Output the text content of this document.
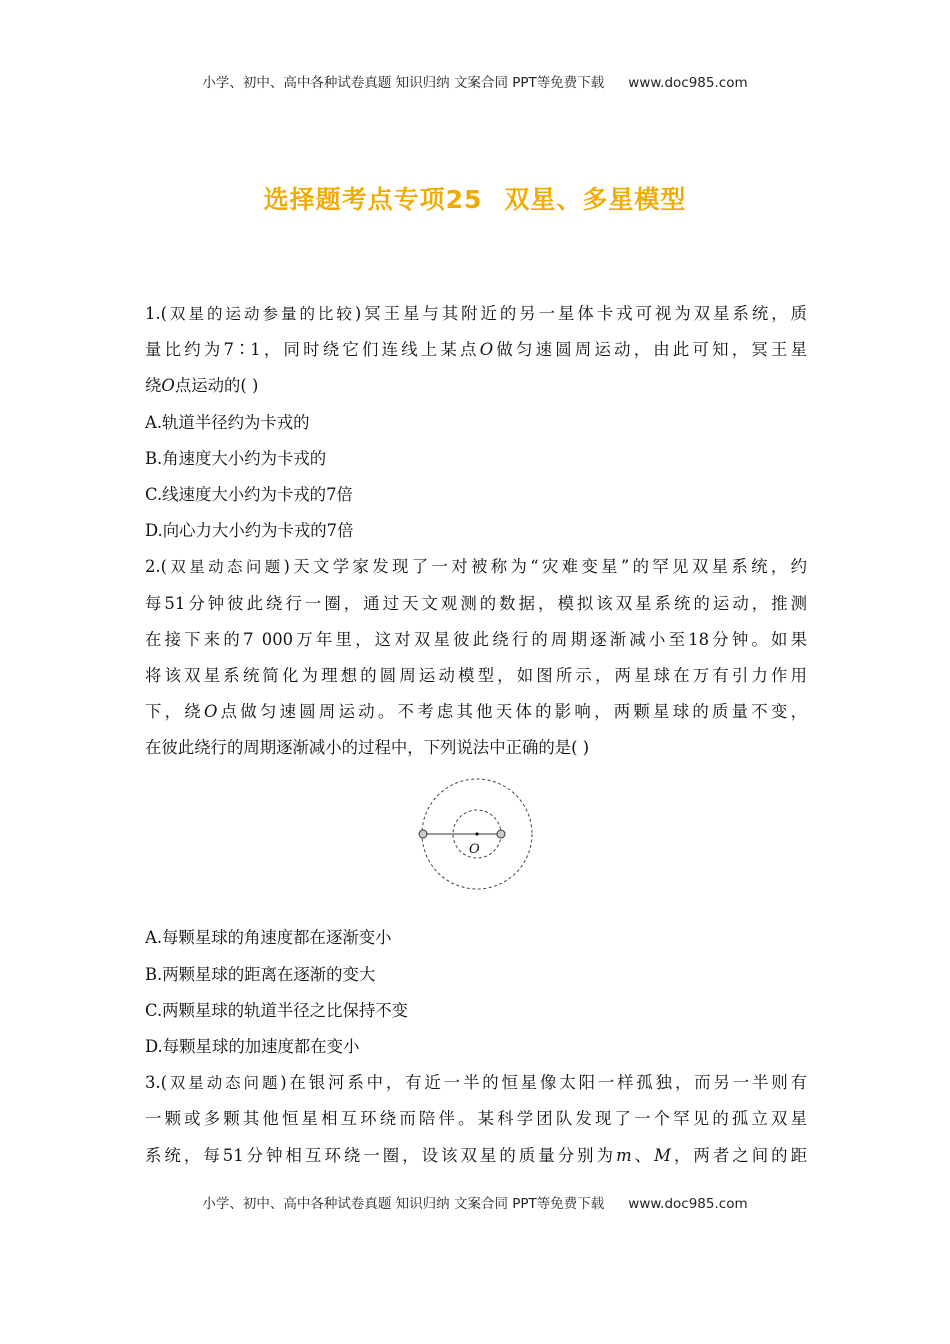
小学、初中、高中各种试卷真题 知识归纳 文案合同 PPT等免费下载 www.doc985.com
选择题考点专项25 双星、多星模型
1.(双星的运动参量的比较)冥王星与其附近的另一星体卡戎可视为双星系统，质
量比约为7∶1，同时绕它们连线上某点O做匀速圆周运动，由此可知，冥王星
绕O点运动的( )
A.轨道半径约为卡戎的
B.角速度大小约为卡戎的
C.线速度大小约为卡戎的7倍
D.向心力大小约为卡戎的7倍
2.(双星动态问题)天文学家发现了一对被称为“灾难变星”的罕见双星系统，约
每51分钟彼此绕行一圈，通过天文观测的数据，模拟该双星系统的运动，推测
在接下来的7 000万年里，这对双星彼此绕行的周期逐渐减小至18分钟。如果
将该双星系统简化为理想的圆周运动模型，如图所示，两星球在万有引力作用
下，绕O点做匀速圆周运动。不考虑其他天体的影响，两颗星球的质量不变，
在彼此绕行的周期逐渐减小的过程中，下列说法中正确的是( )
O
A.每颗星球的角速度都在逐渐变小
B.两颗星球的距离在逐渐的变大
C.两颗星球的轨道半径之比保持不变
D.每颗星球的加速度都在变小
3.(双星动态问题)在银河系中，有近一半的恒星像太阳一样孤独，而另一半则有
一颗或多颗其他恒星相互环绕而陪伴。某科学团队发现了一个罕见的孤立双星
系统，每51分钟相互环绕一圈，设该双星的质量分别为m、M，两者之间的距
小学、初中、高中各种试卷真题 知识归纳 文案合同 PPT等免费下载 www.doc985.com
